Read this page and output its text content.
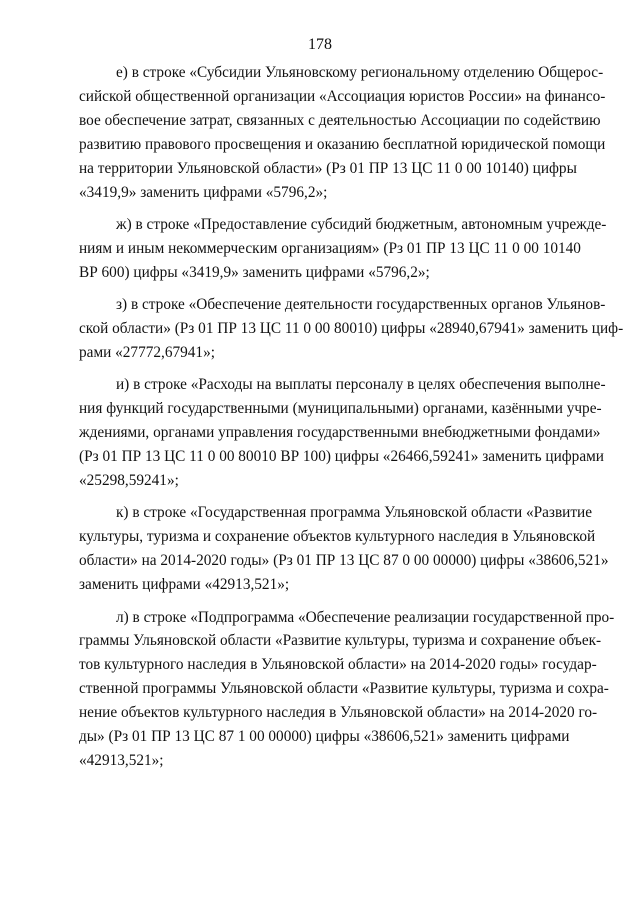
178

е) в строке «Субсидии Ульяновскому региональному отделению Общерос-
сийской общественной организации «Ассоциация юристов России» на финансо-
вое обеспечение затрат, связанных с деятельностью Ассоциации по содействию
развитию правового просвещения и оказанию бесплатной юридической помощи
на территории Ульяновской области» (Рз 01 ПР 13 ЦС 11 0 00 10140) цифры
«3419,9» заменить цифрами «5796,2»;

ж) в строке «Предоставление субсидий бюджетным, автономным учрежде-
ниям и иным некоммерческим организациям» (Рз 01 ПР 13 ЦС 11 0 00 10140
ВР 600) цифры «3419,9» заменить цифрами «5796,2»;

з) в строке «Обеспечение деятельности государственных органов Ульянов-
ской области» (Рз 01 ПР 13 ЦС 11 0 00 80010) цифры «28940,67941» заменить циф-
рами «27772,67941»;

и) в строке «Расходы на выплаты персоналу в целях обеспечения выполне-
ния функций государственными (муниципальными) органами, казёнными учре-
ждениями, органами управления государственными внебюджетными фондами»
(Рз 01 ПР 13 ЦС 11 0 00 80010 ВР 100) цифры «26466,59241» заменить цифрами
«25298,59241»;

к) в строке «Государственная программа Ульяновской области «Развитие
культуры, туризма и сохранение объектов культурного наследия в Ульяновской
области» на 2014-2020 годы» (Рз 01 ПР 13 ЦС 87 0 00 00000) цифры «38606,521»
заменить цифрами «42913,521»;

л) в строке «Подпрограмма «Обеспечение реализации государственной про-
граммы Ульяновской области «Развитие культуры, туризма и сохранение объек-
тов культурного наследия в Ульяновской области» на 2014-2020 годы» государ-
ственной программы Ульяновской области «Развитие культуры, туризма и сохра-
нение объектов культурного наследия в Ульяновской области» на 2014-2020 го-
ды» (Рз 01 ПР 13 ЦС 87 1 00 00000) цифры «38606,521» заменить цифрами
«42913,521»;
